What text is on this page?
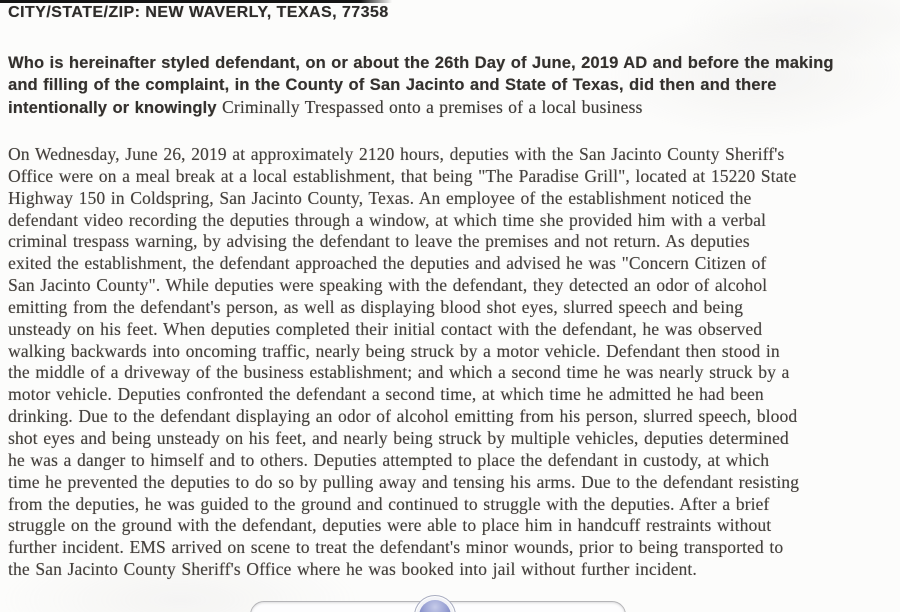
CITY/STATE/ZIP: NEW WAVERLY, TEXAS, 77358
Who is hereinafter styled defendant, on or about the 26th Day of June, 2019 AD and before the making
and filling of the complaint, in the County of San Jacinto and State of Texas, did then and there
intentionally or knowingly Criminally Trespassed onto a premises of a local business
On Wednesday, June 26, 2019 at approximately 2120 hours, deputies with the San Jacinto County Sheriff's
Office were on a meal break at a local establishment, that being "The Paradise Grill", located at 15220 State
Highway 150 in Coldspring, San Jacinto County, Texas. An employee of the establishment noticed the
defendant video recording the deputies through a window, at which time she provided him with a verbal
criminal trespass warning, by advising the defendant to leave the premises and not return. As deputies
exited the establishment, the defendant approached the deputies and advised he was "Concern Citizen of
San Jacinto County". While deputies were speaking with the defendant, they detected an odor of alcohol
emitting from the defendant's person, as well as displaying blood shot eyes, slurred speech and being
unsteady on his feet. When deputies completed their initial contact with the defendant, he was observed
walking backwards into oncoming traffic, nearly being struck by a motor vehicle. Defendant then stood in
the middle of a driveway of the business establishment; and which a second time he was nearly struck by a
motor vehicle. Deputies confronted the defendant a second time, at which time he admitted he had been
drinking. Due to the defendant displaying an odor of alcohol emitting from his person, slurred speech, blood
shot eyes and being unsteady on his feet, and nearly being struck by multiple vehicles, deputies determined
he was a danger to himself and to others. Deputies attempted to place the defendant in custody, at which
time he prevented the deputies to do so by pulling away and tensing his arms. Due to the defendant resisting
from the deputies, he was guided to the ground and continued to struggle with the deputies. After a brief
struggle on the ground with the defendant, deputies were able to place him in handcuff restraints without
further incident. EMS arrived on scene to treat the defendant's minor wounds, prior to being transported to
the San Jacinto County Sheriff's Office where he was booked into jail without further incident.
